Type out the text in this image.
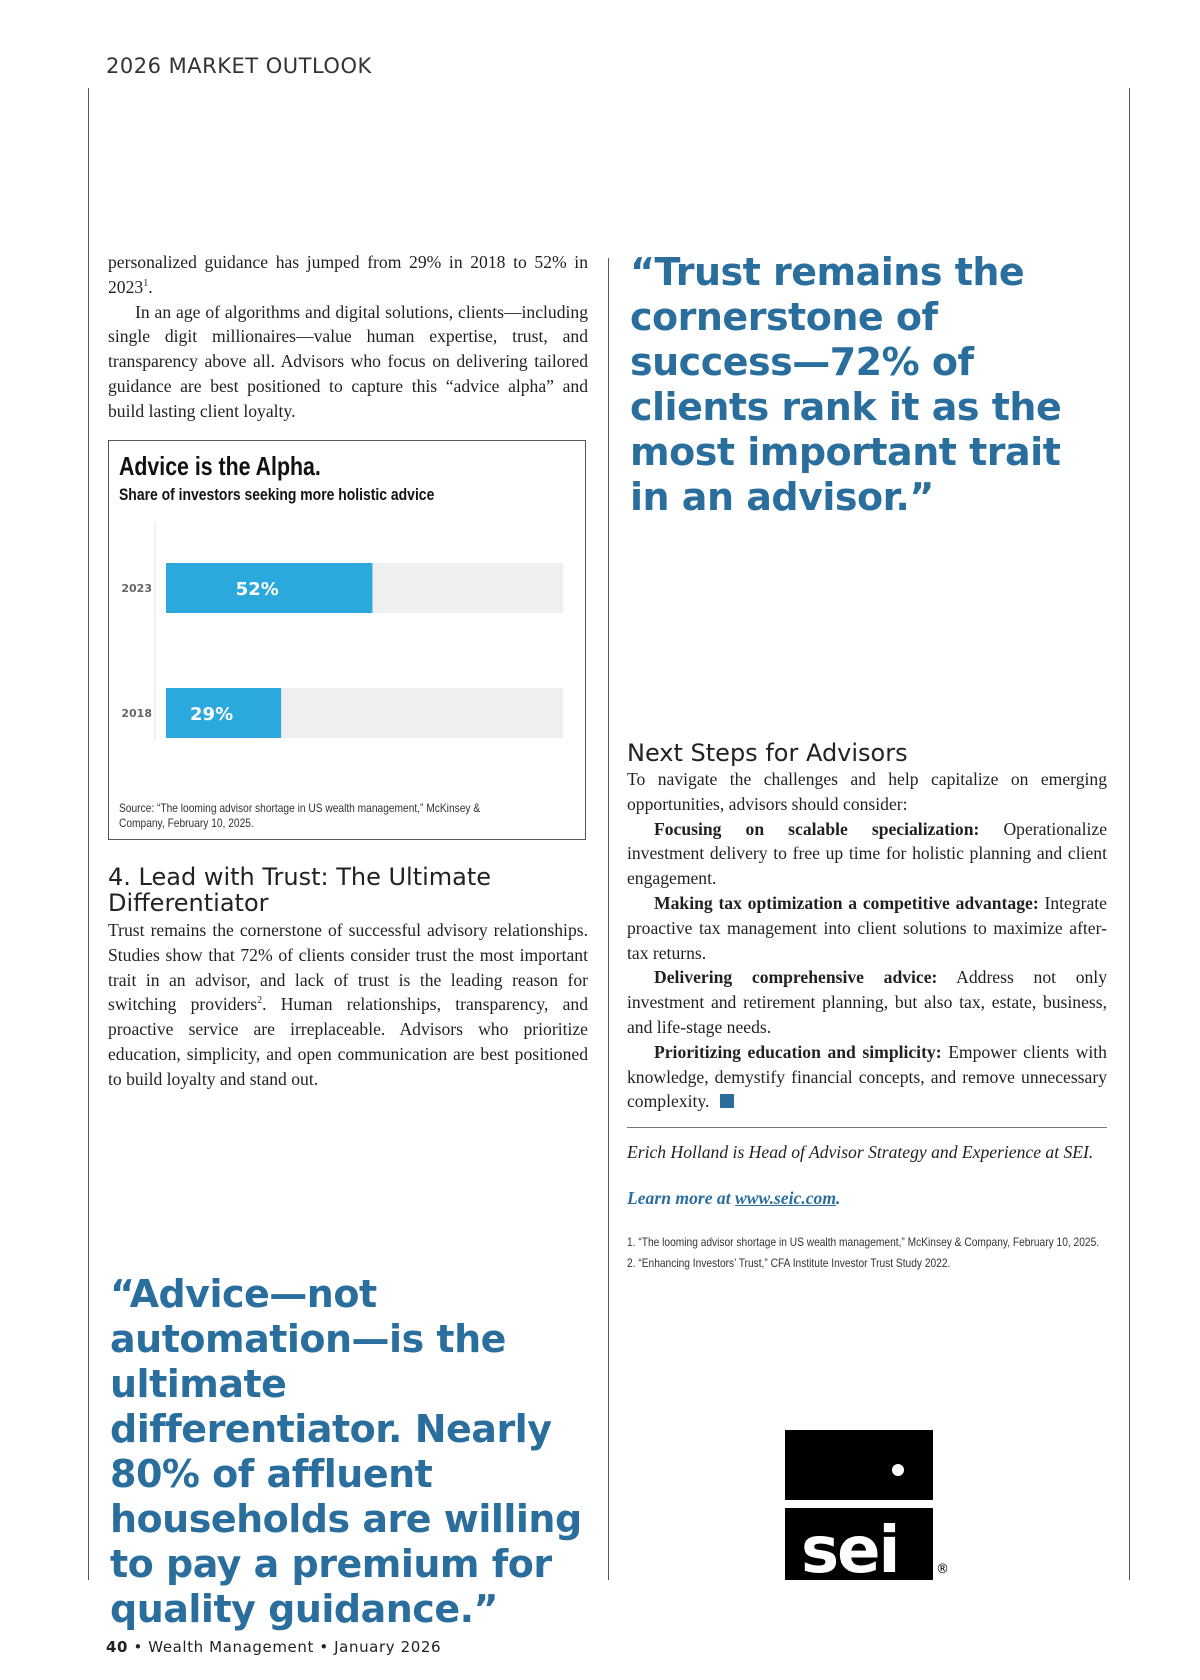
2026 MARKET OUTLOOK

personalized guidance has jumped from 29% in 2018 to 52% in 2023$^1$.

In an age of algorithms and digital solutions, clients—including single digit millionaires—value human expertise, trust, and transparency above all. Advisors who focus on delivering tailored guidance are best positioned to capture this “advice alpha” and build lasting client loyalty.

Advice is the Alpha.
Share of investors seeking more holistic advice
52%
2023
29%
2018
Source: “The looming advisor shortage in US wealth management,” McKinsey & Company, February 10, 2025.
4. Lead with Trust: The Ultimate Differentiator

Trust remains the cornerstone of successful advisory relationships. Studies show that 72% of clients consider trust the most important trait in an advisor, and lack of trust is the leading reason for switching providers$^2$. Human relationships, transparency, and proactive service are irreplaceable. Advisors who prioritize education, simplicity, and open communication are best positioned to build loyalty and stand out.

“Advice—not automation—is the ultimate differentiator. Nearly 80% of affluent households are willing to pay a premium for quality guidance.”
“Trust remains the cornerstone of success—72% of clients rank it as the most important trait in an advisor.”
Next Steps for Advisors

To navigate the challenges and help capitalize on emerging opportunities, advisors should consider:

Focusing on scalable specialization: Operationalize investment delivery to free up time for holistic planning and client engagement.

Making tax optimization a competitive advantage: Integrate proactive tax management into client solutions to maximize after-tax returns.

Delivering comprehensive advice: Address not only investment and retirement planning, but also tax, estate, business, and life-stage needs.

Prioritizing education and simplicity: Empower clients with knowledge, demystify financial concepts, and remove unnecessary complexity.

Erich Holland is Head of Advisor Strategy and Experience at SEI.
Learn more at www.seic.com.
1. “The looming advisor shortage in US wealth management,” McKinsey & Company, February 10, 2025.
2. “Enhancing Investors’ Trust,” CFA Institute Investor Trust Study 2022.
sei	®
40 • Wealth Management • January 2026
